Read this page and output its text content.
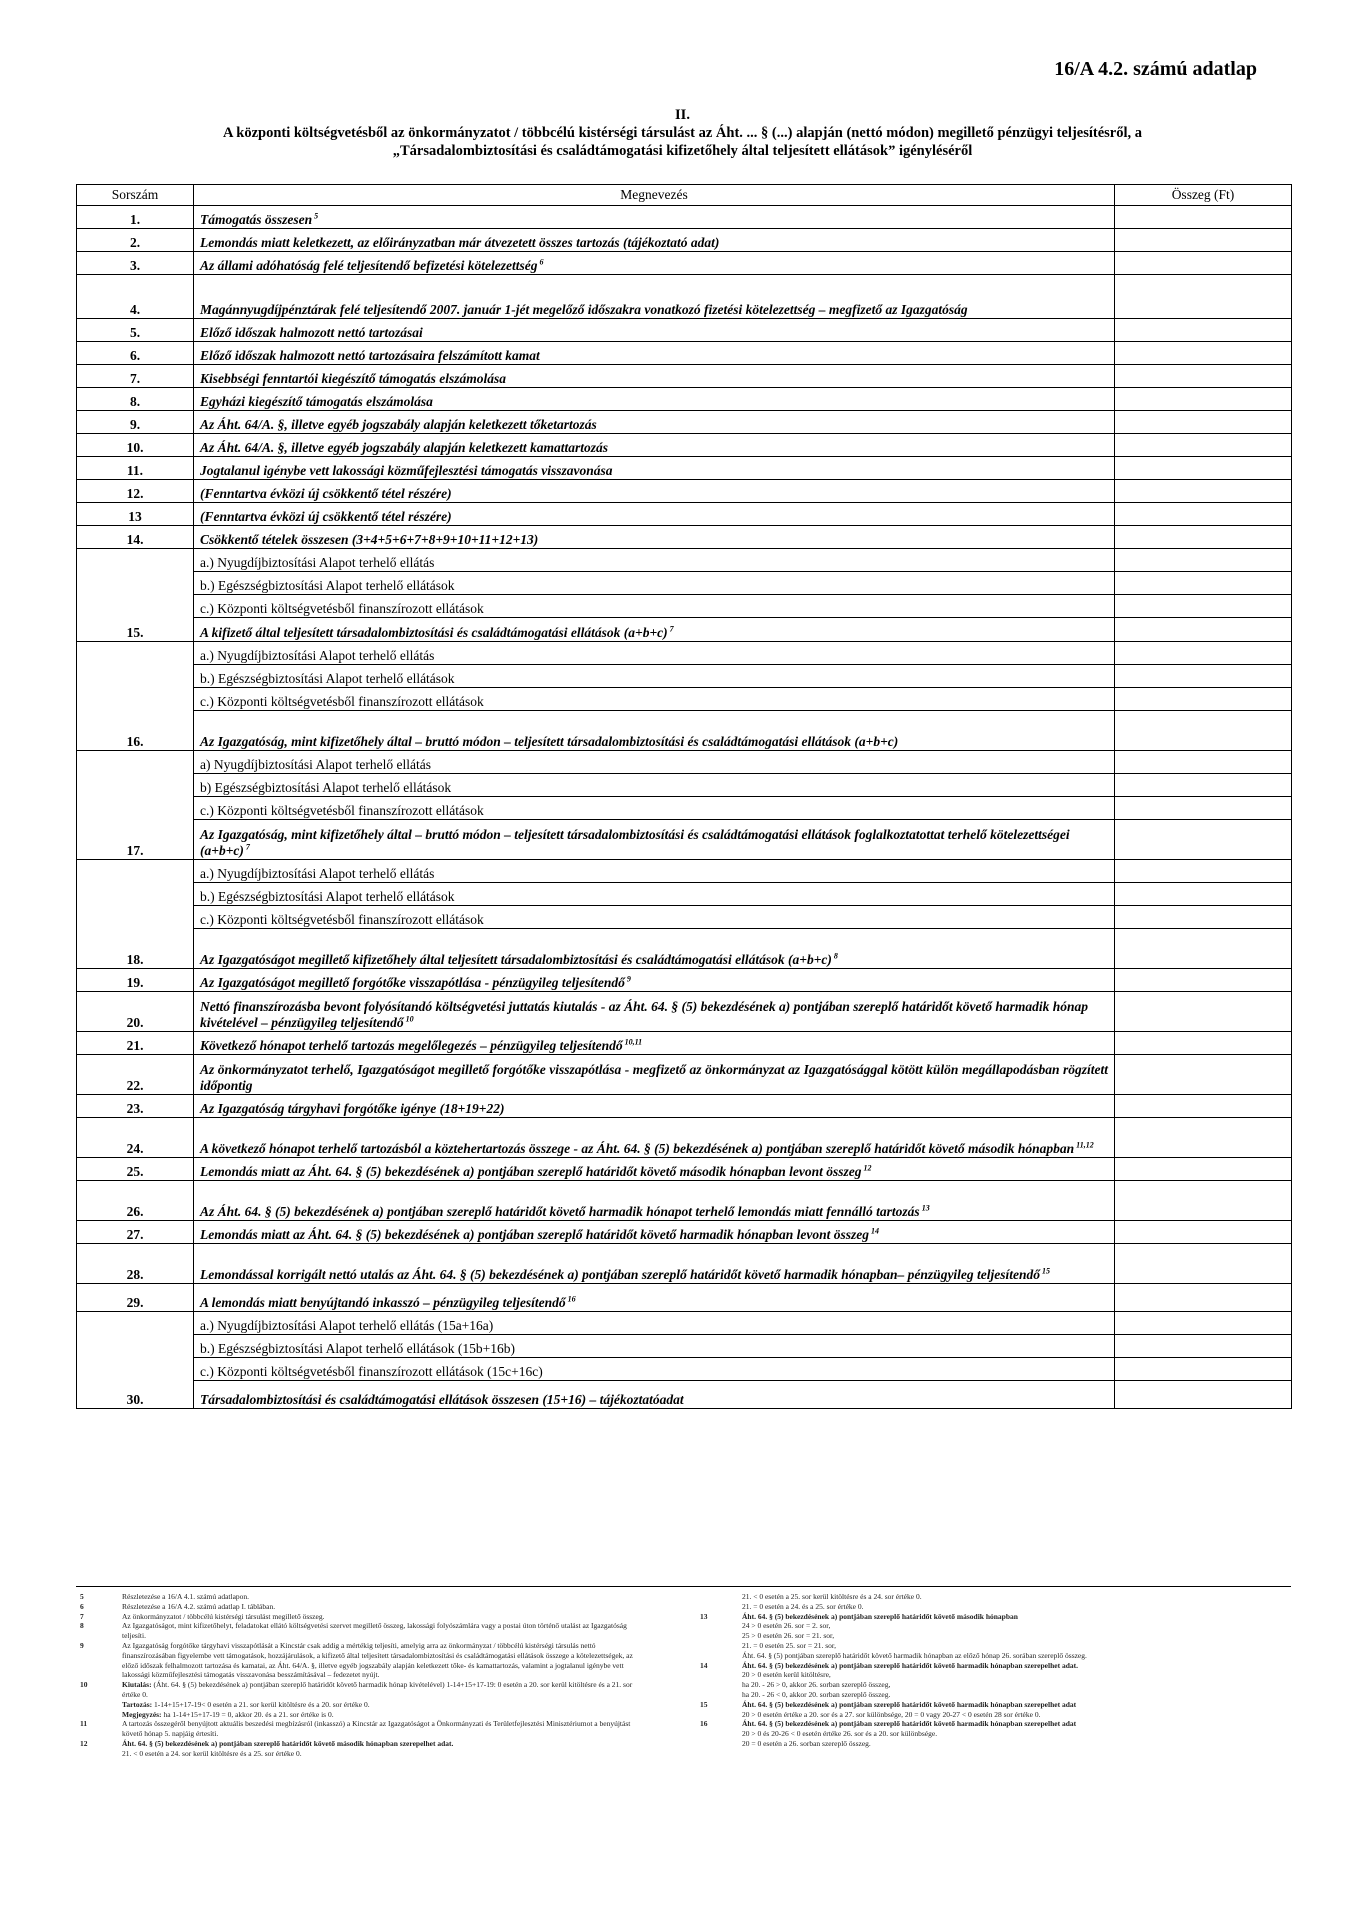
16/A 4.2. számú adatlap
II.
A központi költségvetésből az önkormányzatot / többcélú kistérségi társulást az Áht. ... § (...) alapján (nettó módon) megillető pénzügyi teljesítésről, a
„Társadalombiztosítási és családtámogatási kifizetőhely által teljesített ellátások” igényléséről
Sorszám	Megnevezés	Összeg (Ft)
1.	Támogatás összesen $^5$	
2.	Lemondás miatt keletkezett, az előirányzatban már átvezetett összes tartozás (tájékoztató adat)	
3.	Az állami adóhatóság felé teljesítendő befizetési kötelezettség $^6$	
4.	Magánnyugdíjpénztárak felé teljesítendő 2007. január 1-jét megelőző időszakra vonatkozó fizetési kötelezettség – megfizető az Igazgatóság	
5.	Előző időszak halmozott nettó tartozásai	
6.	Előző időszak halmozott nettó tartozásaira felszámított kamat	
7.	Kisebbségi fenntartói kiegészítő támogatás elszámolása	
8.	Egyházi kiegészítő támogatás elszámolása	
9.	Az Áht. 64/A. §, illetve egyéb jogszabály alapján keletkezett tőketartozás	
10.	Az Áht. 64/A. §, illetve egyéb jogszabály alapján keletkezett kamattartozás	
11.	Jogtalanul igénybe vett lakossági közműfejlesztési támogatás visszavonása	
12.	(Fenntartva évközi új csökkentő tétel részére)	
13	(Fenntartva évközi új csökkentő tétel részére)	
14.	Csökkentő tételek összesen (3+4+5+6+7+8+9+10+11+12+13)	
	a.) Nyugdíjbiztosítási Alapot terhelő ellátás	
	b.) Egészségbiztosítási Alapot terhelő ellátások	
	c.) Központi költségvetésből finanszírozott ellátások	
15.	A kifizető által teljesített társadalombiztosítási és családtámogatási ellátások (a+b+c) $^7$	
	a.) Nyugdíjbiztosítási Alapot terhelő ellátás	
	b.) Egészségbiztosítási Alapot terhelő ellátások	
	c.) Központi költségvetésből finanszírozott ellátások	
16.	Az Igazgatóság, mint kifizetőhely által – bruttó módon – teljesített társadalombiztosítási és családtámogatási ellátások (a+b+c)	
	a) Nyugdíjbiztosítási Alapot terhelő ellátás	
	b) Egészségbiztosítási Alapot terhelő ellátások	
	c.) Központi költségvetésből finanszírozott ellátások	
17.	Az Igazgatóság, mint kifizetőhely által – bruttó módon – teljesített társadalombiztosítási és családtámogatási ellátások foglalkoztatottat terhelő kötelezettségei (a+b+c) $^7$	
	a.) Nyugdíjbiztosítási Alapot terhelő ellátás	
	b.) Egészségbiztosítási Alapot terhelő ellátások	
	c.) Központi költségvetésből finanszírozott ellátások	
18.	Az Igazgatóságot megillető kifizetőhely által teljesített társadalombiztosítási és családtámogatási ellátások (a+b+c) $^8$	
19.	Az Igazgatóságot megillető forgótőke visszapótlása - pénzügyileg teljesítendő $^9$	
20.	Nettó finanszírozásba bevont folyósítandó költségvetési juttatás kiutalás - az Áht. 64. § (5) bekezdésének a) pontjában szereplő határidőt követő harmadik hónap kivételével – pénzügyileg teljesítendő $^{10}$	
21.	Következő hónapot terhelő tartozás megelőlegezés – pénzügyileg teljesítendő $^{10,11}$	
22.	Az önkormányzatot terhelő, Igazgatóságot megillető forgótőke visszapótlása - megfizető az önkormányzat az Igazgatósággal kötött külön megállapodásban rögzített időpontig	
23.	Az Igazgatóság tárgyhavi forgótőke igénye (18+19+22)	
24.	A következő hónapot terhelő tartozásból a köztehertartozás összege - az Áht. 64. § (5) bekezdésének a) pontjában szereplő határidőt követő második hónapban $^{11,12}$	
25.	Lemondás miatt az Áht. 64. § (5) bekezdésének a) pontjában szereplő határidőt követő második hónapban levont összeg $^{12}$	
26.	Az Áht. 64. § (5) bekezdésének a) pontjában szereplő határidőt követő harmadik hónapot terhelő lemondás miatt fennálló tartozás $^{13}$	
27.	Lemondás miatt az Áht. 64. § (5) bekezdésének a) pontjában szereplő határidőt követő harmadik hónapban levont összeg $^{14}$	
28.	Lemondással korrigált nettó utalás az Áht. 64. § (5) bekezdésének a) pontjában szereplő határidőt követő harmadik hónapban– pénzügyileg teljesítendő $^{15}$	
29.	A lemondás miatt benyújtandó inkasszó – pénzügyileg teljesítendő $^{16}$	
	a.) Nyugdíjbiztosítási Alapot terhelő ellátás (15a+16a)	
	b.) Egészségbiztosítási Alapot terhelő ellátások (15b+16b)	
	c.) Központi költségvetésből finanszírozott ellátások (15c+16c)	
30.	Társadalombiztosítási és családtámogatási ellátások összesen (15+16) – tájékoztatóadat	
5	Részletezése a 16/A 4.1. számú adatlapon.
6	Részletezése a 16/A 4.2. számú adatlap I. táblában.
7	Az önkormányzatot / többcélú kistérségi társulást megillető összeg.
8	Az Igazgatóságot, mint kifizetőhelyt, feladatokat ellátó költségvetési szervet megillető összeg, lakossági folyószámlára vagy a postai úton történő utalást az Igazgatóság teljesíti.
9	Az Igazgatóság forgótőke tárgyhavi visszapótlását a Kincstár csak addig a mértékig teljesíti, amelyig arra az önkormányzat / többcélú kistérségi társulás nettó finanszírozásában figyelembe vett támogatások, hozzájárulások, a kifizető által teljesített társadalombiztosítási és családtámogatási ellátások összege a kötelezettségek, az előző időszak felhalmozott tartozása és kamatai, az Áht. 64/A. §, illetve egyéb jogszabály alapján keletkezett tőke- és kamattartozás, valamint a jogtalanul igénybe vett lakossági közműfejlesztési támogatás visszavonása besszámításával – fedezetet nyújt.
10	Kiutalás: (Áht. 64. § (5) bekezdésének a) pontjában szereplő határidőt követő harmadik hónap kivételével) 1-14+15+17-19: 0 esetén a 20. sor kerül kitöltésre és a 21. sor értéke 0.
Tartozás: 1-14+15+17-19< 0 esetén a 21. sor kerül kitöltésre és a 20. sor értéke 0.
Megjegyzés: ha 1-14+15+17-19 = 0, akkor 20. és a 21. sor értéke is 0.
11	A tartozás összegéről benyújtott aktuális beszedési megbízásról (inkasszó) a Kincstár az Igazgatóságot a Önkormányzati és Területfejlesztési Minisztériumot a benyújtást követő hónap 5. napjáig értesíti.
12	Áht. 64. § (5) bekezdésének a) pontjában szereplő határidőt követő második hónapban szerepelhet adat.
21. < 0 esetén a 24. sor kerül kitöltésre és a 25. sor értéke 0.
21. < 0 esetén a 25. sor kerül kitöltésre és a 24. sor értéke 0.
21. = 0 esetén a 24. és a 25. sor értéke 0.
13	Áht. 64. § (5) bekezdésének a) pontjában szereplő határidőt követő második hónapban
24 > 0 esetén 26. sor = 2. sor,
25 > 0 esetén 26. sor = 21. sor,
21. = 0 esetén 25. sor = 21. sor,
Áht. 64. § (5) pontjában szereplő határidőt követő harmadik hónapban az előző hónap 26. sorában szereplő összeg.
14	Áht. 64. § (5) bekezdésének a) pontjában szereplő határidőt követő harmadik hónapban szerepelhet adat.
20 > 0 esetén kerül kitöltésre,
ha 20. - 26 > 0, akkor 26. sorban szereplő összeg,
ha 20. - 26 < 0, akkor 20. sorban szereplő összeg.
15	Áht. 64. § (5) bekezdésének a) pontjában szereplő határidőt követő harmadik hónapban szerepelhet adat
20 > 0 esetén értéke a 20. sor és a 27. sor különbsége, 20 = 0 vagy 20-27 < 0 esetén 28 sor értéke 0.
16	Áht. 64. § (5) bekezdésének a) pontjában szereplő határidőt követő harmadik hónapban szerepelhet adat
20 > 0 és 20-26 < 0 esetén értéke 26. sor és a 20. sor különbsége.
20 = 0 esetén a 26. sorban szereplő összeg.
